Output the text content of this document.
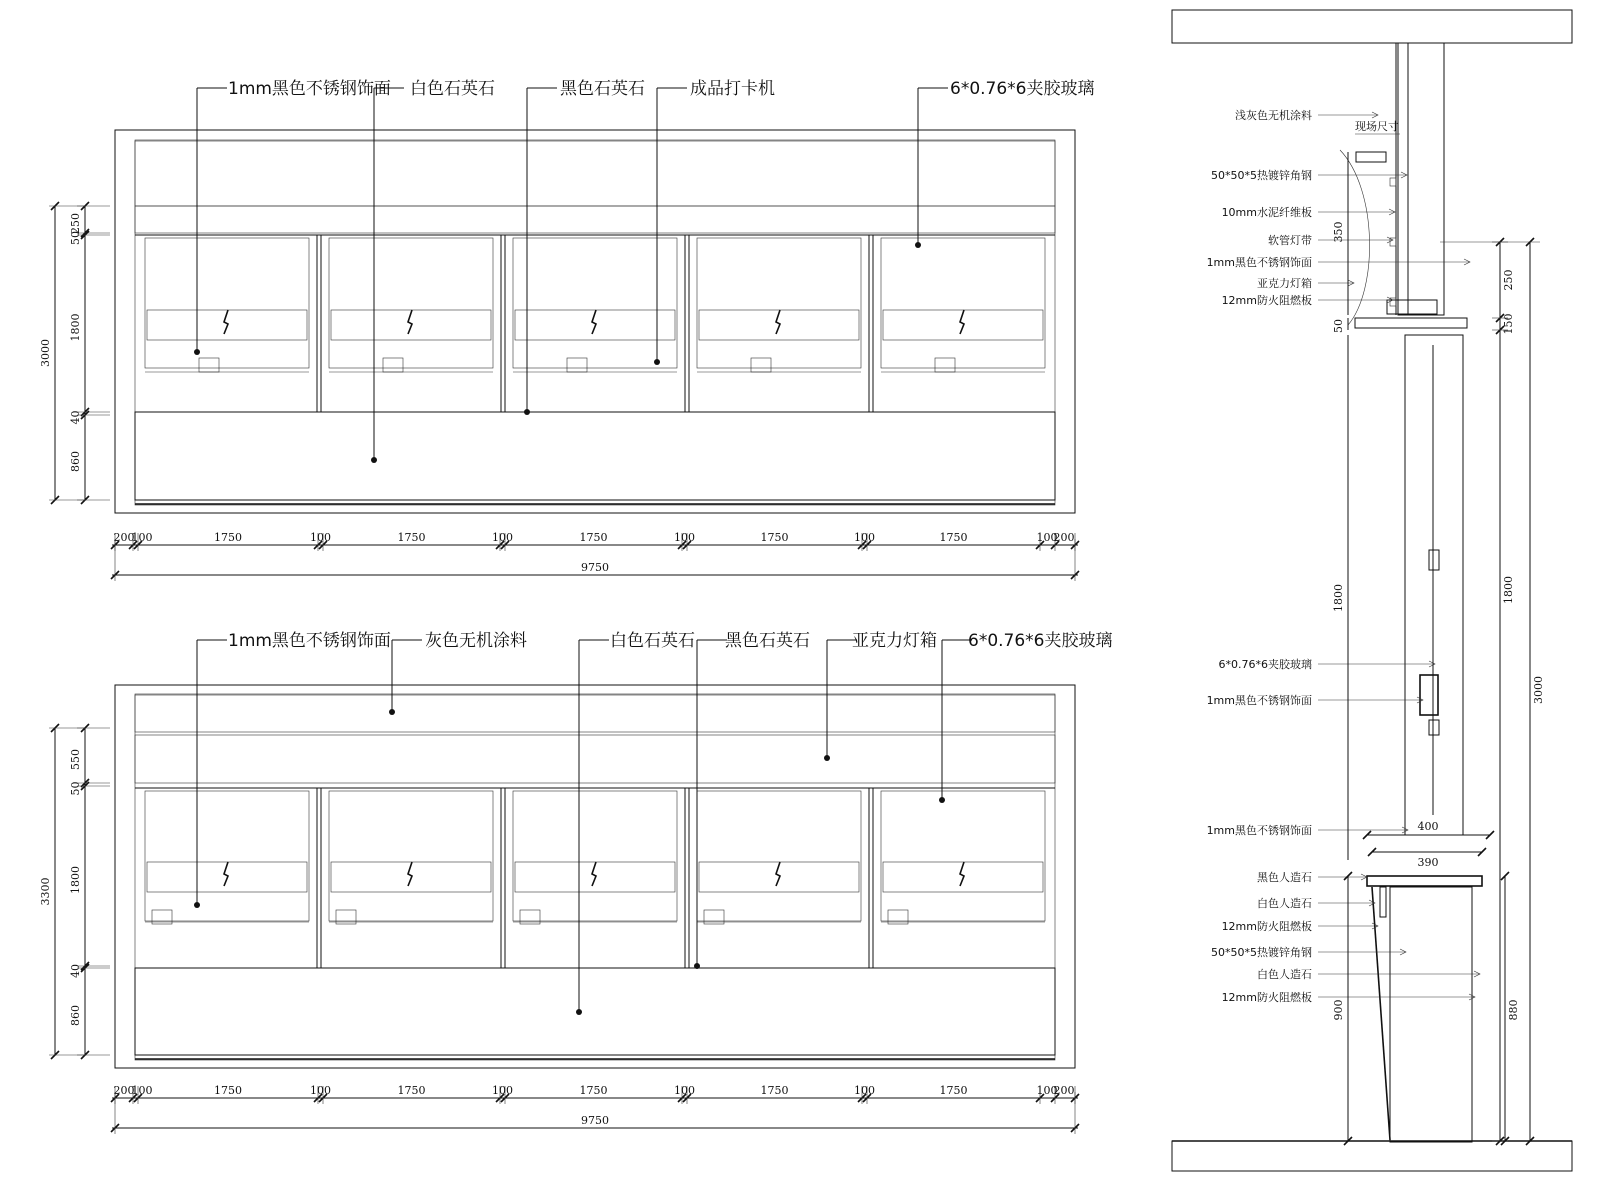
1mm黑色不锈钢饰面 白色石英石	黑色石英石	成品打卡机	6*0.76*6夹胶玻璃
250
50
1800
40
860
3000
200
100	1750	100	1750	100	1750	100	1750	100	1750	100
200
9750
1mm黑色不锈钢饰面 灰色无机涂料	白色石英石 黑色石英石 亚克力灯箱 6*0.76*6夹胶玻璃
550
50
1800
40
860
3300
200
100	1750	100	1750	100	1750	100	1750	100	1750	100
200
9750
浅灰色无机涂料
50*50*5热镀锌角钢
10mm水泥纤维板
软管灯带
1mm黑色不锈钢饰面
亚克力灯箱
12mm防火阻燃板
6*0.76*6夹胶玻璃
1mm黑色不锈钢饰面
1mm黑色不锈钢饰面
黑色人造石
白色人造石
12mm防火阻燃板
50*50*5热镀锌角钢
白色人造石
12mm防火阻燃板
现场尺寸
250
150
1800
3000
350
50
1800
900
400
390
880
